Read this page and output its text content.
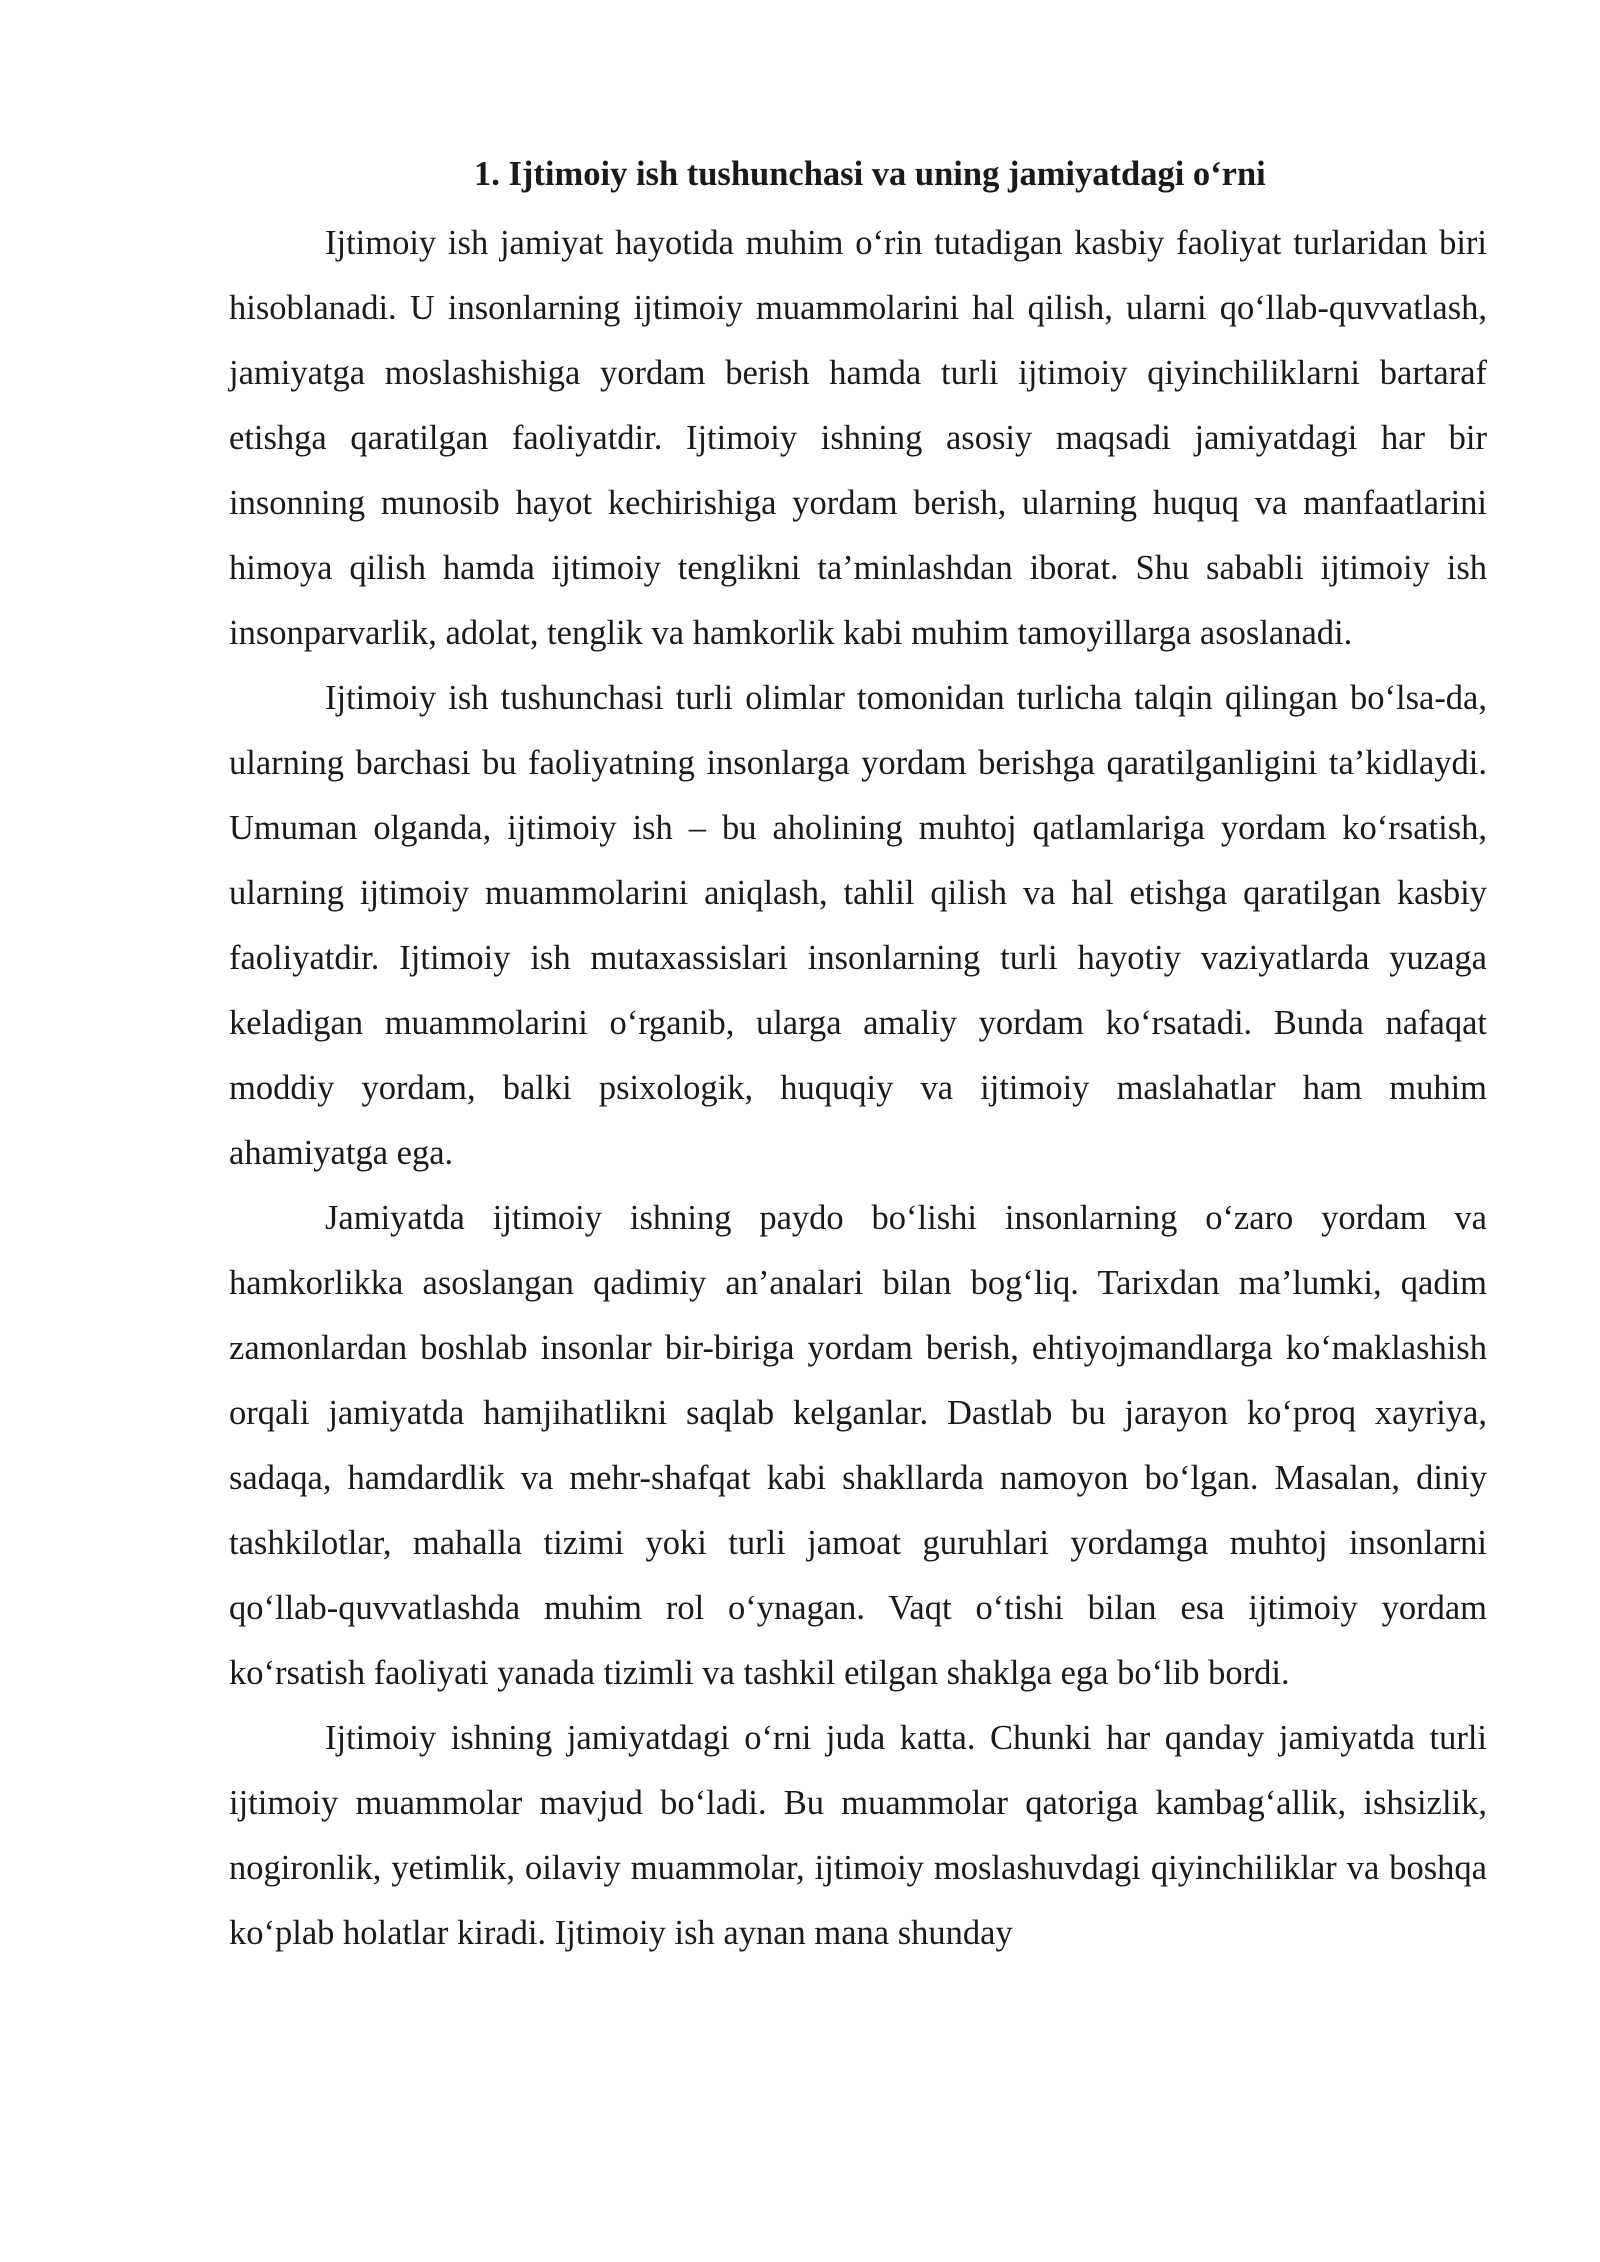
1. Ijtimoiy ish tushunchasi va uning jamiyatdagi o‘rni

Ijtimoiy ish jamiyat hayotida muhim o‘rin tutadigan kasbiy faoliyat turlaridan biri hisoblanadi. U insonlarning ijtimoiy muammolarini hal qilish, ularni qo‘llab-quvvatlash, jamiyatga moslashishiga yordam berish hamda turli ijtimoiy qiyinchiliklarni bartaraf etishga qaratilgan faoliyatdir. Ijtimoiy ishning asosiy maqsadi jamiyatdagi har bir insonning munosib hayot kechirishiga yordam berish, ularning huquq va manfaatlarini himoya qilish hamda ijtimoiy tenglikni ta’minlashdan iborat. Shu sababli ijtimoiy ish insonparvarlik, adolat, tenglik va hamkorlik kabi muhim tamoyillarga asoslanadi.

Ijtimoiy ish tushunchasi turli olimlar tomonidan turlicha talqin qilingan bo‘lsa-da, ularning barchasi bu faoliyatning insonlarga yordam berishga qaratilganligini ta’kidlaydi. Umuman olganda, ijtimoiy ish – bu aholining muhtoj qatlamlariga yordam ko‘rsatish, ularning ijtimoiy muammolarini aniqlash, tahlil qilish va hal etishga qaratilgan kasbiy faoliyatdir. Ijtimoiy ish mutaxassislari insonlarning turli hayotiy vaziyatlarda yuzaga keladigan muammolarini o‘rganib, ularga amaliy yordam ko‘rsatadi. Bunda nafaqat moddiy yordam, balki psixologik, huquqiy va ijtimoiy maslahatlar ham muhim ahamiyatga ega.

Jamiyatda ijtimoiy ishning paydo bo‘lishi insonlarning o‘zaro yordam va hamkorlikka asoslangan qadimiy an’analari bilan bog‘liq. Tarixdan ma’lumki, qadim zamonlardan boshlab insonlar bir-biriga yordam berish, ehtiyojmandlarga ko‘maklashish orqali jamiyatda hamjihatlikni saqlab kelganlar. Dastlab bu jarayon ko‘proq xayriya, sadaqa, hamdardlik va mehr-shafqat kabi shakllarda namoyon bo‘lgan. Masalan, diniy tashkilotlar, mahalla tizimi yoki turli jamoat guruhlari yordamga muhtoj insonlarni qo‘llab-quvvatlashda muhim rol o‘ynagan. Vaqt o‘tishi bilan esa ijtimoiy yordam ko‘rsatish faoliyati yanada tizimli va tashkil etilgan shaklga ega bo‘lib bordi.

Ijtimoiy ishning jamiyatdagi o‘rni juda katta. Chunki har qanday jamiyatda turli ijtimoiy muammolar mavjud bo‘ladi. Bu muammolar qatoriga kambag‘allik, ishsizlik, nogironlik, yetimlik, oilaviy muammolar, ijtimoiy moslashuvdagi qiyinchiliklar va boshqa ko‘plab holatlar kiradi. Ijtimoiy ish aynan mana shunday
